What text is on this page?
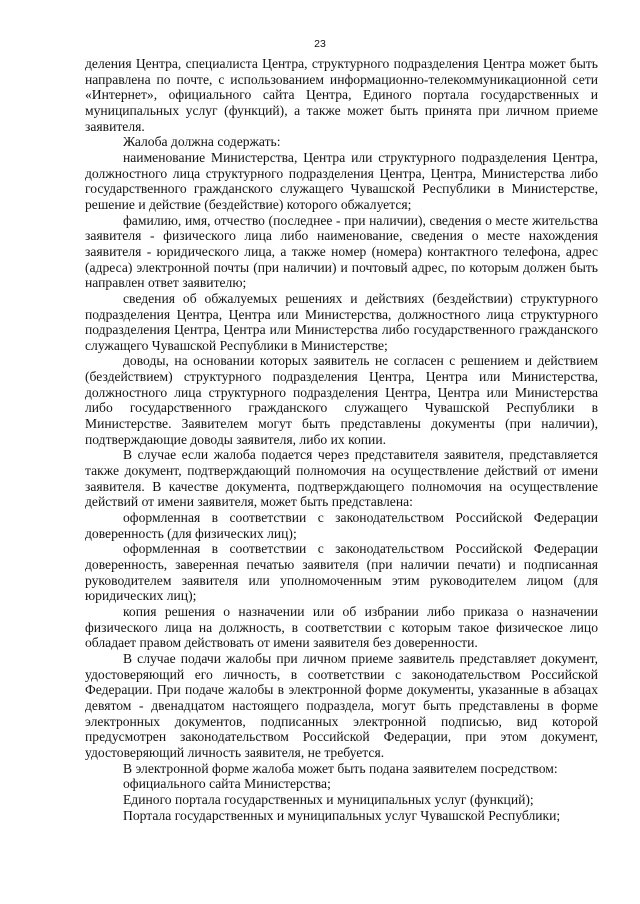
23

деления Центра, специалиста Центра, структурного подразделения Центра может быть направлена по почте, с использованием информационно-телекоммуникационной сети «Интернет», официального сайта Центра, Единого портала государственных и муниципальных услуг (функций), а также может быть принята при личном приеме заявителя.

Жалоба должна содержать:

наименование Министерства, Центра или структурного подразделения Центра, должностного лица структурного подразделения Центра, Центра, Министерства либо государственного гражданского служащего Чувашской Республики в Министерстве, решение и действие (бездействие) которого обжалуется;

фамилию, имя, отчество (последнее - при наличии), сведения о месте жительства заявителя - физического лица либо наименование, сведения о месте нахождения заявителя - юридического лица, а также номер (номера) контактного телефона, адрес (адреса) электронной почты (при наличии) и почтовый адрес, по которым должен быть направлен ответ заявителю;

сведения об обжалуемых решениях и действиях (бездействии) структурного подразделения Центра, Центра или Министерства, должностного лица структурного подразделения Центра, Центра или Министерства либо государственного гражданского служащего Чувашской Республики в Министерстве;

доводы, на основании которых заявитель не согласен с решением и действием (бездействием) структурного подразделения Центра, Центра или Министерства, должностного лица структурного подразделения Центра, Центра или Министерства либо государственного гражданского служащего Чувашской Республики в Министерстве. Заявителем могут быть представлены документы (при наличии), подтверждающие доводы заявителя, либо их копии.

В случае если жалоба подается через представителя заявителя, представляется также документ, подтверждающий полномочия на осуществление действий от имени заявителя. В качестве документа, подтверждающего полномочия на осуществление действий от имени заявителя, может быть представлена:

оформленная в соответствии с законодательством Российской Федерации доверенность (для физических лиц);

оформленная в соответствии с законодательством Российской Федерации доверенность, заверенная печатью заявителя (при наличии печати) и подписанная руководителем заявителя или уполномоченным этим руководителем лицом (для юридических лиц);

копия решения о назначении или об избрании либо приказа о назначении физического лица на должность, в соответствии с которым такое физическое лицо обладает правом действовать от имени заявителя без доверенности.

В случае подачи жалобы при личном приеме заявитель представляет документ, удостоверяющий его личность, в соответствии с законодательством Российской Федерации. При подаче жалобы в электронной форме документы, указанные в абзацах девятом - двенадцатом настоящего подраздела, могут быть представлены в форме электронных документов, подписанных электронной подписью, вид которой предусмотрен законодательством Российской Федерации, при этом документ, удостоверяющий личность заявителя, не требуется.

В электронной форме жалоба может быть подана заявителем посредством:

официального сайта Министерства;

Единого портала государственных и муниципальных услуг (функций);

Портала государственных и муниципальных услуг Чувашской Республики;
